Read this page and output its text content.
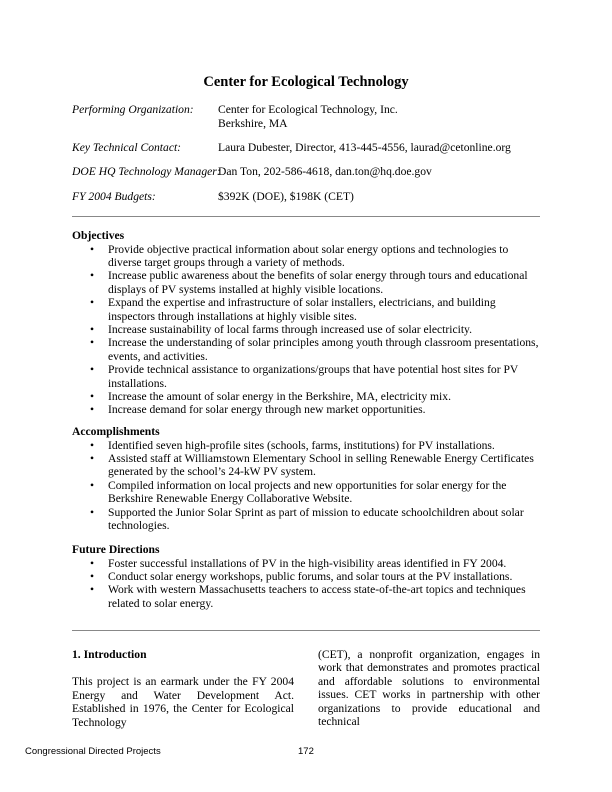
Center for Ecological Technology
Performing Organization: Center for Ecological Technology, Inc.
Berkshire, MA
Key Technical Contact:	Laura Dubester, Director, 413-445-4556, laurad@cetonline.org
DOE HQ Technology Manager:
Dan Ton, 202-586-4618, dan.ton@hq.doe.gov
FY 2004 Budgets:	$392K (DOE), $198K (CET)
Objectives
• Provide objective practical information about solar energy options and technologies to diverse target groups through a variety of methods.
• Increase public awareness about the benefits of solar energy through tours and educational displays of PV systems installed at highly visible locations.
• Expand the expertise and infrastructure of solar installers, electricians, and building inspectors through installations at highly visible sites.
• Increase sustainability of local farms through increased use of solar electricity.
• Increase the understanding of solar principles among youth through classroom presentations, events, and activities.
• Provide technical assistance to organizations/groups that have potential host sites for PV installations.
• Increase the amount of solar energy in the Berkshire, MA, electricity mix.
• Increase demand for solar energy through new market opportunities.
Accomplishments
• Identified seven high-profile sites (schools, farms, institutions) for PV installations.
• Assisted staff at Williamstown Elementary School in selling Renewable Energy Certificates generated by the school’s 24-kW PV system.
• Compiled information on local projects and new opportunities for solar energy for the Berkshire Renewable Energy Collaborative Website.
• Supported the Junior Solar Sprint as part of mission to educate schoolchildren about solar technologies.
Future Directions
• Foster successful installations of PV in the high-visibility areas identified in FY 2004.
• Conduct solar energy workshops, public forums, and solar tours at the PV installations.
• Work with western Massachusetts teachers to access state-of-the-art topics and techniques related to solar energy.
1. Introduction
This project is an earmark under the FY 2004 Energy and Water Development Act. Established in 1976, the Center for Ecological Technology
(CET), a nonprofit organization, engages in work that demonstrates and promotes practical and affordable solutions to environmental issues. CET works in partnership with other organizations to provide educational and technical
Congressional Directed Projects	172
